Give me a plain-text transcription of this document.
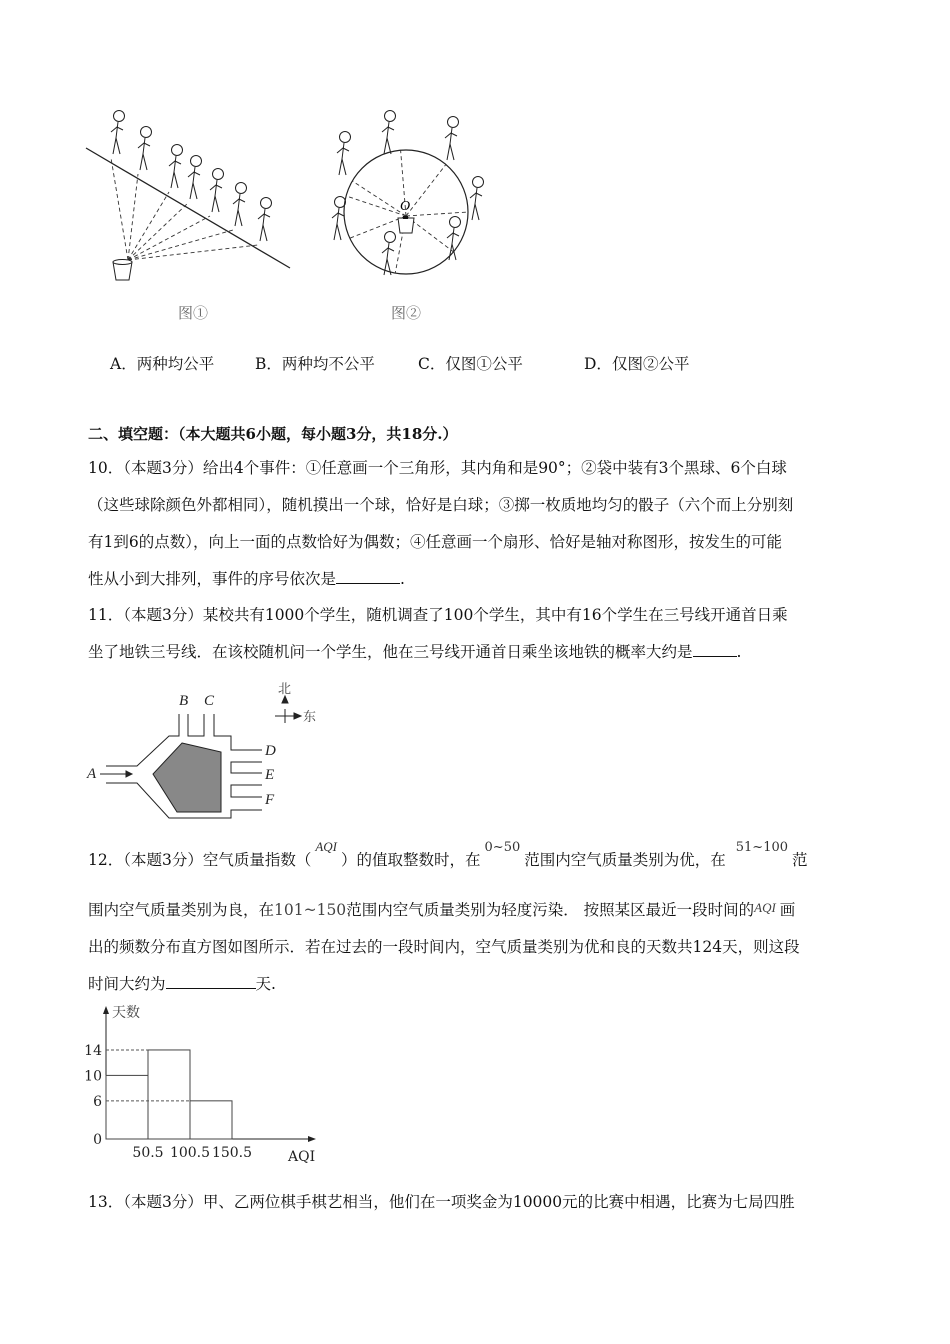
图①
O
图②
A．两种均公平	B．两种均不公平	C．仅图①公平	D．仅图②公平
二、填空题：（本大题共6小题，每小题3分，共18分.）
10．（本题3分）给出4个事件：①任意画一个三角形，其内角和是90°；②袋中装有3个黑球、6个白球
（这些球除颜色外都相同），随机摸出一个球，恰好是白球；③掷一枚质地均匀的骰子（六个而上分别刻
有1到6的点数），向上一面的点数恰好为偶数；④任意画一个扇形、恰好是轴对称图形，按发生的可能
性从小到大排列，事件的序号依次是	.
11．（本题3分）某校共有1000个学生，随机调查了100个学生，其中有16个学生在三号线开通首日乘
坐了地铁三号线．在该校随机问一个学生，他在三号线开通首日乘坐该地铁的概率大约是	.
A
B C
D
E
F
北
东
12．（本题3分）空气质量指数（$^{AQI}$）的值取整数时，在$^{0\sim 50}$范围内空气质量类别为优，在$^{51\sim 100}$范
围内空气质量类别为良，在101~150范围内空气质量类别为轻度污染． 按照某区最近一段时间的AQI 画
出的频数分布直方图如图所示．若在过去的一段时间内，空气质量类别为优和良的天数共124天，则这段
时间大约为	天.
0
6
10
14
50.5 100.5 150.5	AQI
天数
13．（本题3分）甲、乙两位棋手棋艺相当，他们在一项奖金为10000元的比赛中相遇，比赛为七局四胜
